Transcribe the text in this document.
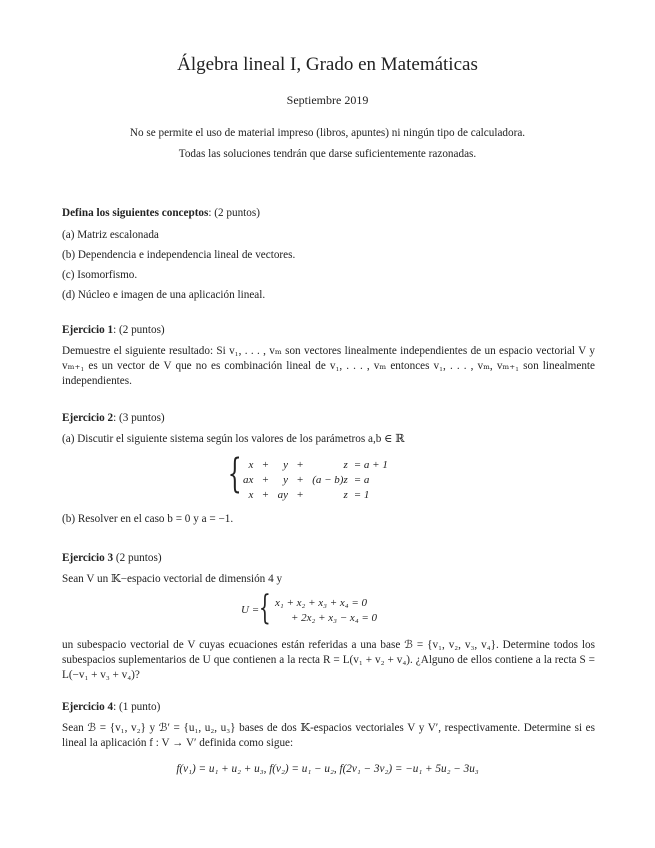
Álgebra lineal I, Grado en Matemáticas
Septiembre 2019
No se permite el uso de material impreso (libros, apuntes) ni ningún tipo de calculadora.
Todas las soluciones tendrán que darse suficientemente razonadas.
Defina los siguientes conceptos: (2 puntos)
(a) Matriz escalonada
(b) Dependencia e independencia lineal de vectores.
(c) Isomorfismo.
(d) Núcleo e imagen de una aplicación lineal.
Ejercicio 1: (2 puntos)
Demuestre el siguiente resultado: Si v₁, . . . , vₘ son vectores linealmente independientes de un espacio vectorial V y vₘ₊₁ es un vector de V que no es combinación lineal de v₁, . . . , vₘ entonces v₁, . . . , vₘ, vₘ₊₁ son linealmente independientes.
Ejercicio 2: (3 puntos)
(a) Discutir el siguiente sistema según los valores de los parámetros a,b ∈ ℝ
{ x	+	y	+	z	= a + 1
ax	+	y	+	(a − b)z	= a
x	+	ay	+	z	= 1
(b) Resolver en el caso b = 0 y a = −1.
Ejercicio 3 (2 puntos)
Sean V un 𝕂−espacio vectorial de dimensión 4 y
U = { x₁ + x₂ + x₃ + x₄ = 0
+ 2x₂ + x₃ − x₄ = 0
un subespacio vectorial de V cuyas ecuaciones están referidas a una base ℬ = {v₁, v₂, v₃, v₄}. Determine todos los subespacios suplementarios de U que contienen a la recta R = L(v₁ + v₂ + v₄). ¿Alguno de ellos contiene a la recta S = L(−v₁ + v₃ + v₄)?
Ejercicio 4: (1 punto)
Sean ℬ = {v₁, v₂} y ℬ′ = {u₁, u₂, u₃} bases de dos 𝕂-espacios vectoriales V y V′, respectivamente. Determine si es lineal la aplicación f : V → V′ definida como sigue:
f(v₁) = u₁ + u₂ + u₃, f(v₂) = u₁ − u₂, f(2v₁ − 3v₂) = −u₁ + 5u₂ − 3u₃
